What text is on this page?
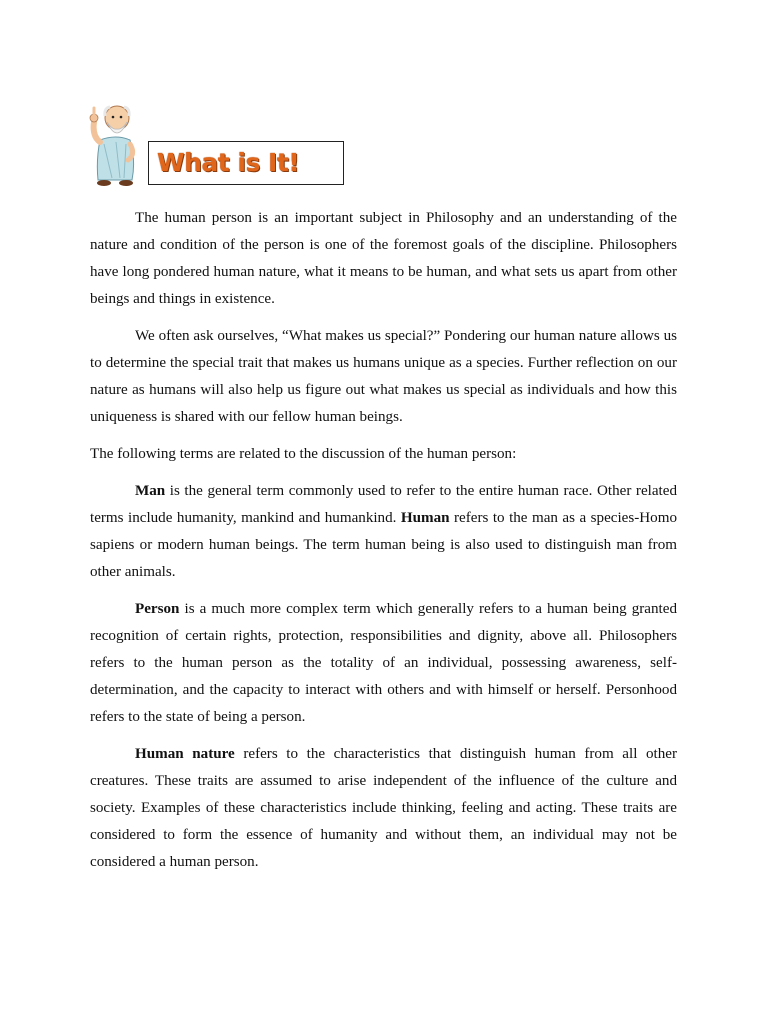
What is It!

The human person is an important subject in Philosophy and an understanding of the nature and condition of the person is one of the foremost goals of the discipline. Philosophers have long pondered human nature, what it means to be human, and what sets us apart from other beings and things in existence.

We often ask ourselves, “What makes us special?” Pondering our human nature allows us to determine the special trait that makes us humans unique as a species. Further reflection on our nature as humans will also help us figure out what makes us special as individuals and how this uniqueness is shared with our fellow human beings.

The following terms are related to the discussion of the human person:

Man is the general term commonly used to refer to the entire human race. Other related terms include humanity, mankind and humankind. Human refers to the man as a species-Homo sapiens or modern human beings. The term human being is also used to distinguish man from other animals.

Person is a much more complex term which generally refers to a human being granted recognition of certain rights, protection, responsibilities and dignity, above all. Philosophers refers to the human person as the totality of an individual, possessing awareness, self-determination, and the capacity to interact with others and with himself or herself. Personhood refers to the state of being a person.

Human nature refers to the characteristics that distinguish human from all other creatures. These traits are assumed to arise independent of the influence of the culture and society. Examples of these characteristics include thinking, feeling and acting. These traits are considered to form the essence of humanity and without them, an individual may not be considered a human person.
